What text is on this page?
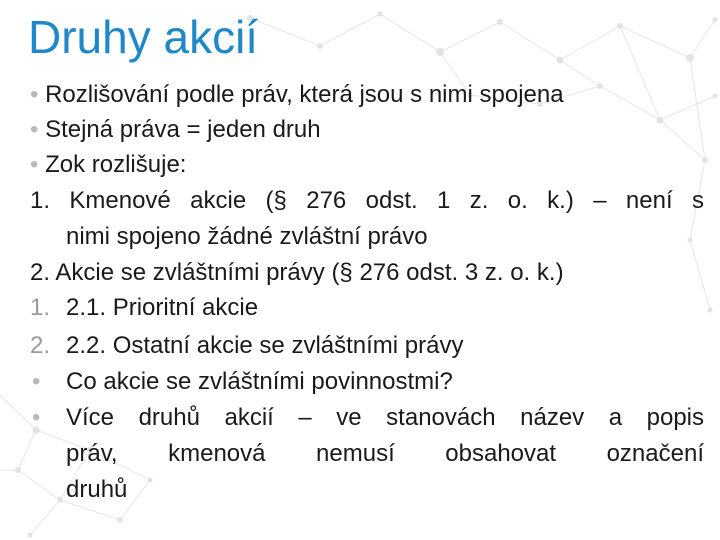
Druhy akcií
• Rozlišování podle práv, která jsou s nimi spojena
• Stejná práva = jeden druh
• Zok rozlišuje:
1. Kmenové akcie (§ 276 odst. 1 z. o. k.) – není s
nimi spojeno žádné zvláštní právo
2. Akcie se zvláštními právy (§ 276 odst. 3 z. o. k.)
1. 2.1. Prioritní akcie
2. 2.2. Ostatní akcie se zvláštními právy
• Co akcie se zvláštními povinnostmi?
• Více druhů akcií – ve stanovách název a popis
práv, kmenová nemusí obsahovat označení
druhů
